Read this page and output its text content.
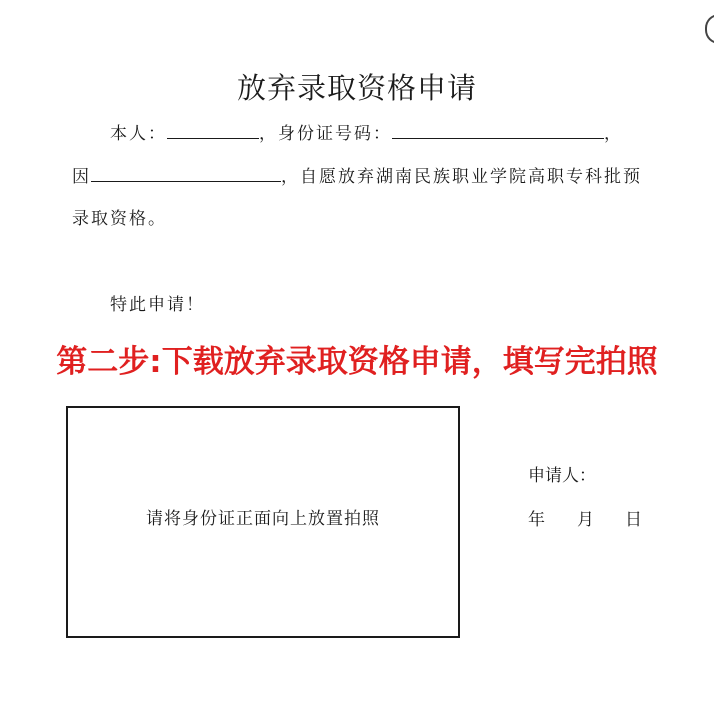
放弃录取资格申请
本人：	，身份证号码：	，
因	，自愿放弃湖南民族职业学院高职专科批预
录取资格。
特此申请！
第二步:下载放弃录取资格申请，填写完拍照
请将身份证正面向上放置拍照
申请人：
年 月 日
